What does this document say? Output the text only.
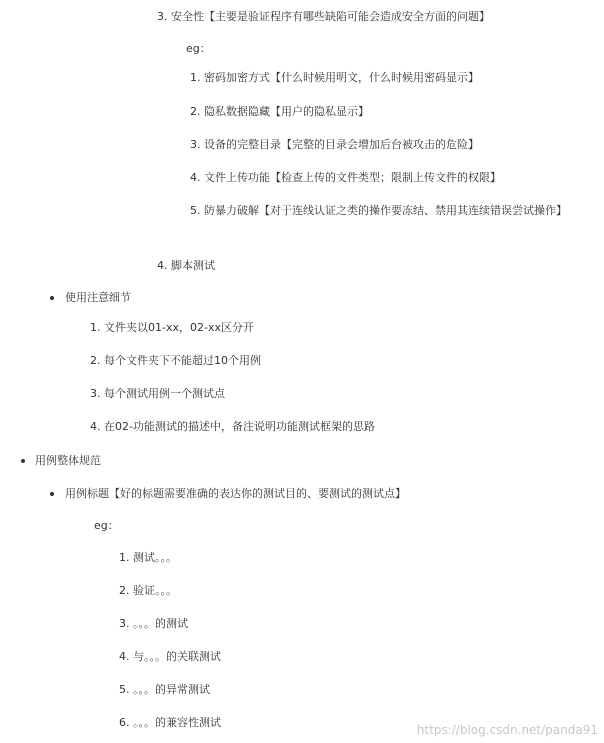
3. 安全性【主要是验证程序有哪些缺陷可能会造成安全方面的问题】
eg：
1. 密码加密方式【什么时候用明文，什么时候用密码显示】
2. 隐私数据隐藏【用户的隐私显示】
3. 设备的完整目录【完整的目录会增加后台被攻击的危险】
4. 文件上传功能【检查上传的文件类型；限制上传文件的权限】
5. 防暴力破解【对于连线认证之类的操作要冻结、禁用其连续错误尝试操作】
4. 脚本测试
使用注意细节
1. 文件夹以01-xx，02-xx区分开
2. 每个文件夹下不能超过10个用例
3. 每个测试用例一个测试点
4. 在02-功能测试的描述中，备注说明功能测试框架的思路
用例整体规范
用例标题【好的标题需要准确的表达你的测试目的、要测试的测试点】
eg：
1. 测试。。。
2. 验证。。。
3. 。。。的测试
4. 与。。。的关联测试
5. 。。。的异常测试
6. 。。。的兼容性测试
https://blog.csdn.net/panda91
